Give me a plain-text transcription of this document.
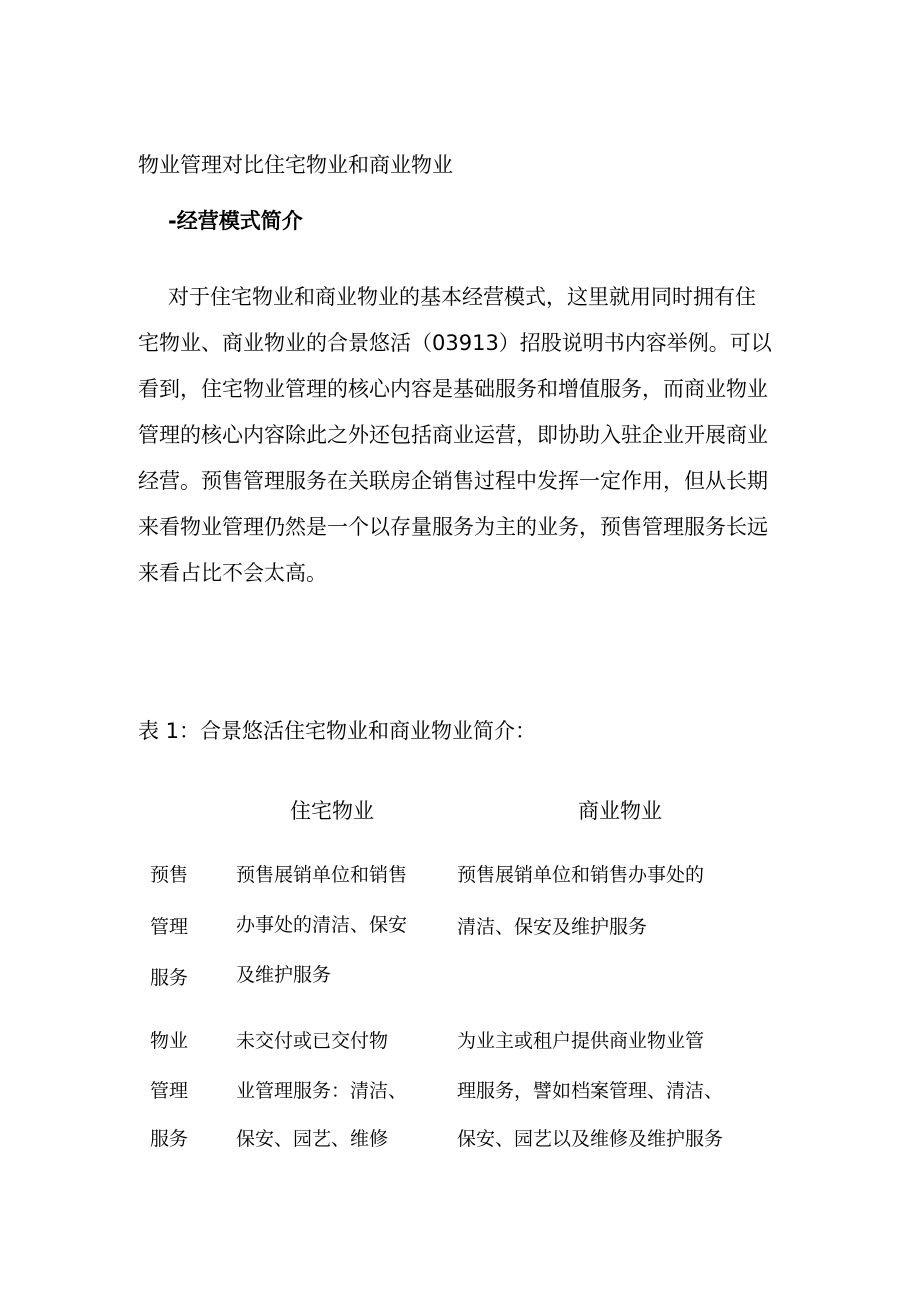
物业管理对比住宅物业和商业物业
-经营模式简介
对于住宅物业和商业物业的基本经营模式，这里就用同时拥有住
宅物业、商业物业的合景悠活（03913）招股说明书内容举例。可以
看到，住宅物业管理的核心内容是基础服务和增值服务，而商业物业
管理的核心内容除此之外还包括商业运营，即协助入驻企业开展商业
经营。预售管理服务在关联房企销售过程中发挥一定作用，但从长期
来看物业管理仍然是一个以存量服务为主的业务，预售管理服务长远
来看占比不会太高。
表 1：合景悠活住宅物业和商业物业简介：
住宅物业	商业物业
预售
管理
服务
预售展销单位和销售
办事处的清洁、保安
及维护服务
预售展销单位和销售办事处的
清洁、保安及维护服务
物业
管理
服务
未交付或已交付物
业管理服务：清洁、
保安、园艺、维修
为业主或租户提供商业物业管
理服务，譬如档案管理、清洁、
保安、园艺以及维修及维护服务
